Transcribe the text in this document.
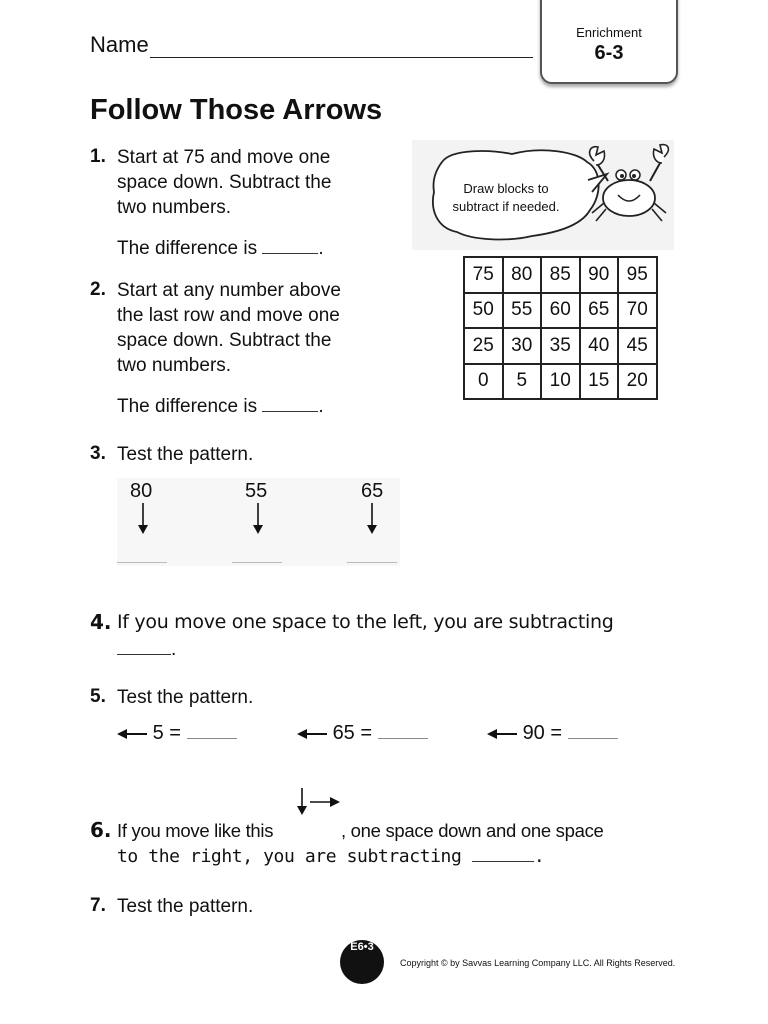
Name	Enrichment
6-3
Follow Those Arrows
1. Start at 75 and move one
space down. Subtract the
two numbers.
The difference is	.
2. Start at any number above
the last row and move one
space down. Subtract the
two numbers.
The difference is	.
Draw blocks to
subtract if needed.
75	80	85	90	95
50	55	60	65	70
25	30	35	40	45
0	5	10	15	20
3. Test the pattern.
80	55	65
4. If you move one space to the left, you are subtracting
.
5. Test the pattern.
5 =	65 =	90 =
6. If you move like this	, one space down and one space
to the right, you are subtracting	.
7. Test the pattern.
E6•3
Copyright © by Savvas Learning Company LLC. All Rights Reserved.
